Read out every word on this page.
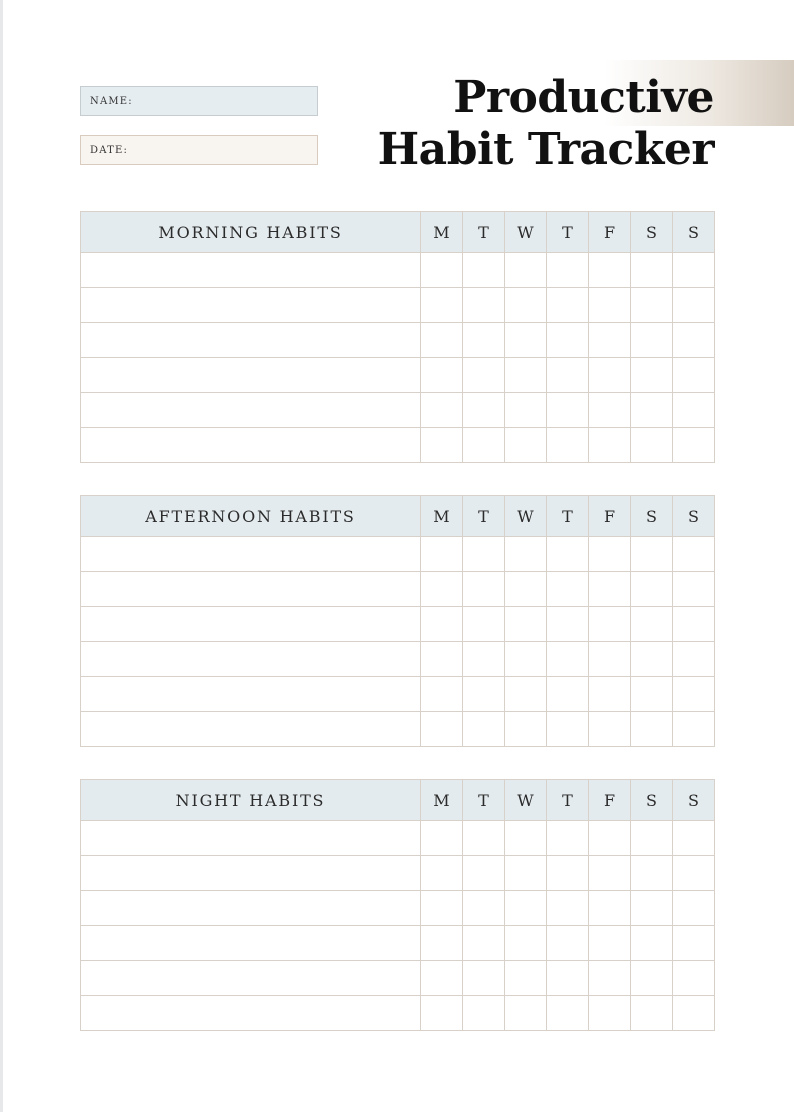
NAME:
DATE:
Productive
Habit Tracker
MORNING HABITS	M	T	W	T	F	S	S

AFTERNOON HABITS	M	T	W	T	F	S	S

NIGHT HABITS	M	T	W	T	F	S	S
